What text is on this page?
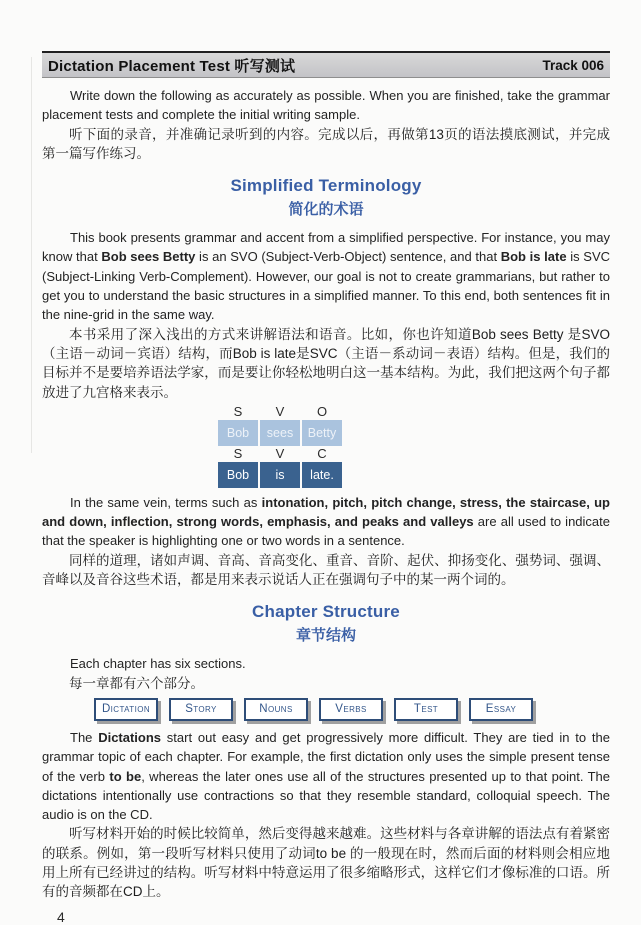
Dictation Placement Test 听写测试	Track 006

Write down the following as accurately as possible. When you are finished, take the grammar placement tests and complete the initial writing sample.

听下面的录音，并准确记录听到的内容。完成以后，再做第13页的语法摸底测试，并完成第一篇写作练习。

Simplified Terminology
简化的术语

This book presents grammar and accent from a simplified perspective. For instance, you may know that Bob sees Betty is an SVO (Subject-Verb-Object) sentence, and that Bob is late is SVC (Subject-Linking Verb-Complement). However, our goal is not to create grammarians, but rather to get you to understand the basic structures in a simplified manner. To this end, both sentences fit in the nine-grid in the same way.

本书采用了深入浅出的方式来讲解语法和语音。比如，你也许知道Bob sees Betty 是SVO（主语－动词－宾语）结构，而Bob is late是SVC（主语－系动词－表语）结构。但是，我们的目标并不是要培养语法学家，而是要让你轻松地明白这一基本结构。为此，我们把这两个句子都放进了九宫格来表示。

S	V	O
Bob	sees	Betty
S	V	C
Bob	is	late.

In the same vein, terms such as intonation, pitch, pitch change, stress, the staircase, up and down, inflection, strong words, emphasis, and peaks and valleys are all used to indicate that the speaker is highlighting one or two words in a sentence.

同样的道理，诸如声调、音高、音高变化、重音、音阶、起伏、抑扬变化、强势词、强调、音峰以及音谷这些术语，都是用来表示说话人正在强调句子中的某一两个词的。

Chapter Structure
章节结构

Each chapter has six sections.

每一章都有六个部分。

Dictation	Story	Nouns	Verbs	Test	Essay

The Dictations start out easy and get progressively more difficult. They are tied in to the grammar topic of each chapter. For example, the first dictation only uses the simple present tense of the verb to be, whereas the later ones use all of the structures presented up to that point. The dictations intentionally use contractions so that they resemble standard, colloquial speech. The audio is on the CD.

听写材料开始的时候比较简单，然后变得越来越难。这些材料与各章讲解的语法点有着紧密的联系。例如，第一段听写材料只使用了动词to be 的一般现在时，然而后面的材料则会相应地用上所有已经讲过的结构。听写材料中特意运用了很多缩略形式，这样它们才像标准的口语。所有的音频都在CD上。

4
